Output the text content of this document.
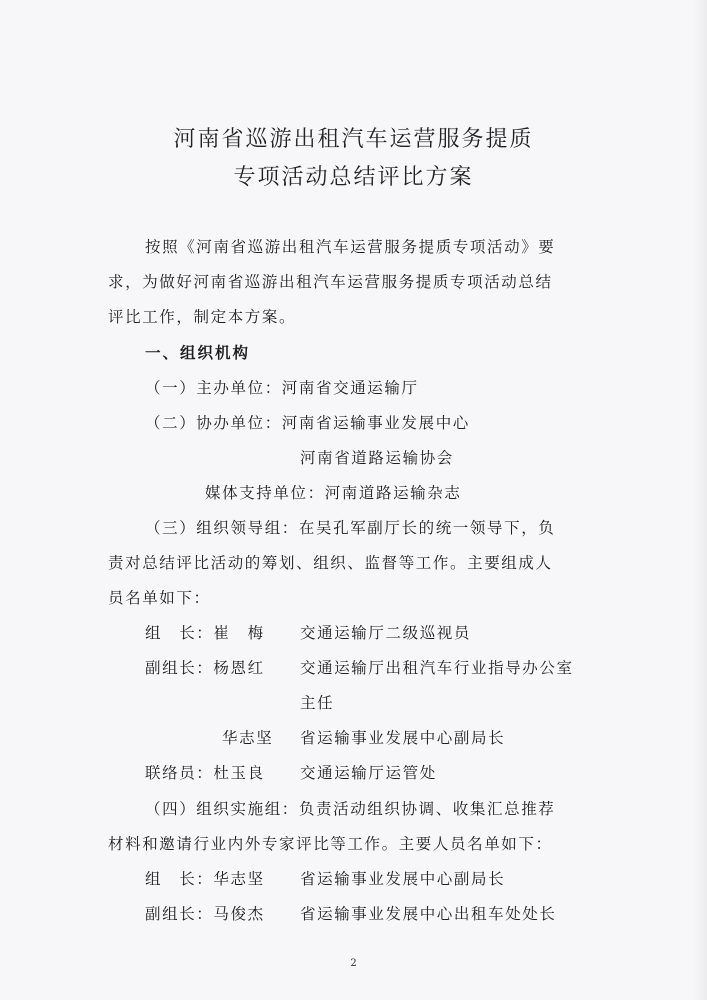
河南省巡游出租汽车运营服务提质
专项活动总结评比方案
按照《河南省巡游出租汽车运营服务提质专项活动》要
求，为做好河南省巡游出租汽车运营服务提质专项活动总结
评比工作，制定本方案。
一、组织机构
（一）主办单位：河南省交通运输厅
（二）协办单位：河南省运输事业发展中心
河南省道路运输协会
媒体支持单位：河南道路运输杂志
（三）组织领导组：在吴孔军副厅长的统一领导下，负
责对总结评比活动的筹划、组织、监督等工作。主要组成人
员名单如下：
组　长：崔　梅 交通运输厅二级巡视员
副组长：杨恩红 交通运输厅出租汽车行业指导办公室
主任
华志坚 省运输事业发展中心副局长
联络员：杜玉良 交通运输厅运管处
（四）组织实施组：负责活动组织协调、收集汇总推荐
材料和邀请行业内外专家评比等工作。主要人员名单如下：
组　长：华志坚 省运输事业发展中心副局长
副组长：马俊杰 省运输事业发展中心出租车处处长
2
